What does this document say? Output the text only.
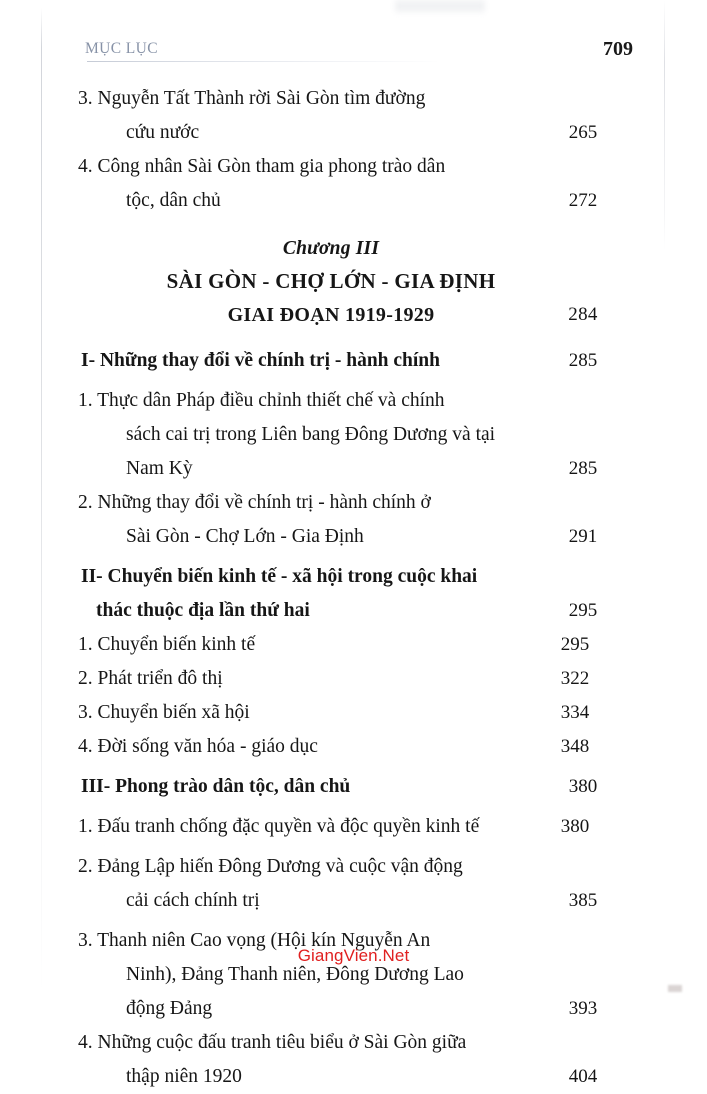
MỤC LỤC	709
3. Nguyễn Tất Thành rời Sài Gòn tìm đường
cứu nước	265
4. Công nhân Sài Gòn tham gia phong trào dân
tộc, dân chủ	272
Chương III
SÀI GÒN - CHỢ LỚN - GIA ĐỊNH
GIAI ĐOẠN 1919-1929	284
I- Những thay đổi về chính trị - hành chính	285
1. Thực dân Pháp điều chỉnh thiết chế và chính
sách cai trị trong Liên bang Đông Dương và tại
Nam Kỳ	285
2. Những thay đổi về chính trị - hành chính ở
Sài Gòn - Chợ Lớn - Gia Định	291
II- Chuyển biến kinh tế - xã hội trong cuộc khai
thác thuộc địa lần thứ hai	295
1. Chuyển biến kinh tế	295
2. Phát triển đô thị	322
3. Chuyển biến xã hội	334
4. Đời sống văn hóa - giáo dục	348
III- Phong trào dân tộc, dân chủ	380
1. Đấu tranh chống đặc quyền và độc quyền kinh tế	380
2. Đảng Lập hiến Đông Dương và cuộc vận động
cải cách chính trị	385
3. Thanh niên Cao vọng (Hội kín Nguyễn An
Ninh), Đảng Thanh niên, Đông Dương Lao
động Đảng	393
4. Những cuộc đấu tranh tiêu biểu ở Sài Gòn giữa
thập niên 1920	404
GiangVien.Net
